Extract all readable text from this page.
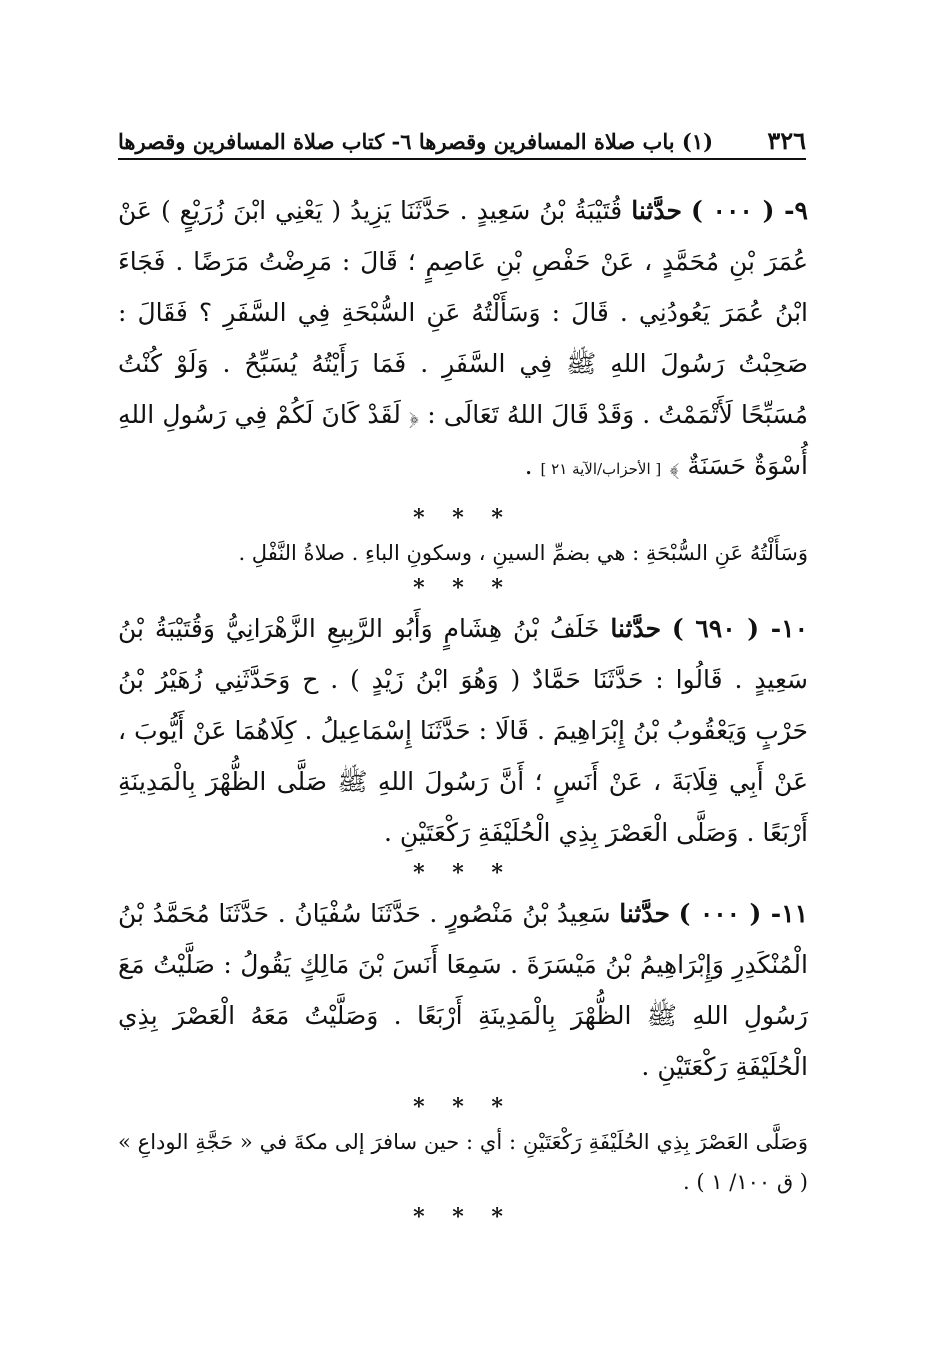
٣٢٦
(١) باب صلاة المسافرين وقصرها ٦- كتاب صلاة المسافرين وقصرها

٩- ( ٠٠٠ ) حدَّثنا قُتَيْبَةُ بْنُ سَعِيدٍ . حَدَّثَنَا يَزِيدُ ( يَعْنِي ابْنَ زُرَيْعٍ ) عَنْ عُمَرَ بْنِ مُحَمَّدٍ ، عَنْ حَفْصِ بْنِ عَاصِمٍ ؛ قَالَ : مَرِضْتُ مَرَضًا . فَجَاءَ ابْنُ عُمَرَ يَعُودُنِي . قَالَ : وَسَأَلْتُهُ عَنِ السُّبْحَةِ فِي السَّفَرِ ؟ فَقَالَ : صَحِبْتُ رَسُولَ اللهِ ﷺ فِي السَّفَرِ . فَمَا رَأَيْتُهُ يُسَبِّحُ . وَلَوْ كُنْتُ مُسَبِّحًا لَأَتْمَمْتُ . وَقَدْ قَالَ اللهُ تَعَالَى : ﴿ لَقَدْ كَانَ لَكُمْ فِي رَسُولِ اللهِ أُسْوَةٌ حَسَنَةٌ ﴾ [ الأحزاب/الآية ٢١ ] .

* * *

وَسَأَلْتُهُ عَنِ السُّبْحَةِ : هي بضمِّ السينِ ، وسكونِ الباءِ . صلاةُ النَّفْلِ .

* * *

١٠- ( ٦٩٠ ) حدَّثنا خَلَفُ بْنُ هِشَامٍ وَأَبُو الرَّبِيعِ الزَّهْرَانِيُّ وَقُتَيْبَةُ بْنُ سَعِيدٍ . قَالُوا : حَدَّثَنَا حَمَّادٌ ( وَهُوَ ابْنُ زَيْدٍ ) . ح وَحَدَّثَنِي زُهَيْرُ بْنُ حَرْبٍ وَيَعْقُوبُ بْنُ إِبْرَاهِيمَ . قَالَا : حَدَّثَنَا إِسْمَاعِيلُ . كِلَاهُمَا عَنْ أَيُّوبَ ، عَنْ أَبِي قِلَابَةَ ، عَنْ أَنَسٍ ؛ أَنَّ رَسُولَ اللهِ ﷺ صَلَّى الظُّهْرَ بِالْمَدِينَةِ أَرْبَعًا . وَصَلَّى الْعَصْرَ بِذِي الْحُلَيْفَةِ رَكْعَتَيْنِ .

* * *

١١- ( ٠٠٠ ) حدَّثنا سَعِيدُ بْنُ مَنْصُورٍ . حَدَّثَنَا سُفْيَانُ . حَدَّثَنَا مُحَمَّدُ بْنُ الْمُنْكَدِرِ وَإِبْرَاهِيمُ بْنُ مَيْسَرَةَ . سَمِعَا أَنَسَ بْنَ مَالِكٍ يَقُولُ : صَلَّيْتُ مَعَ رَسُولِ اللهِ ﷺ الظُّهْرَ بِالْمَدِينَةِ أَرْبَعًا . وَصَلَّيْتُ مَعَهُ الْعَصْرَ بِذِي الْحُلَيْفَةِ رَكْعَتَيْنِ .

* * *

وَصَلَّى العَصْرَ بِذِي الحُلَيْفَةِ رَكْعَتَيْنِ : أي : حين سافرَ إلى مكةَ في « حَجَّةِ الوداعِ » ( ق ١٠٠/ ١ ) .

* * *
